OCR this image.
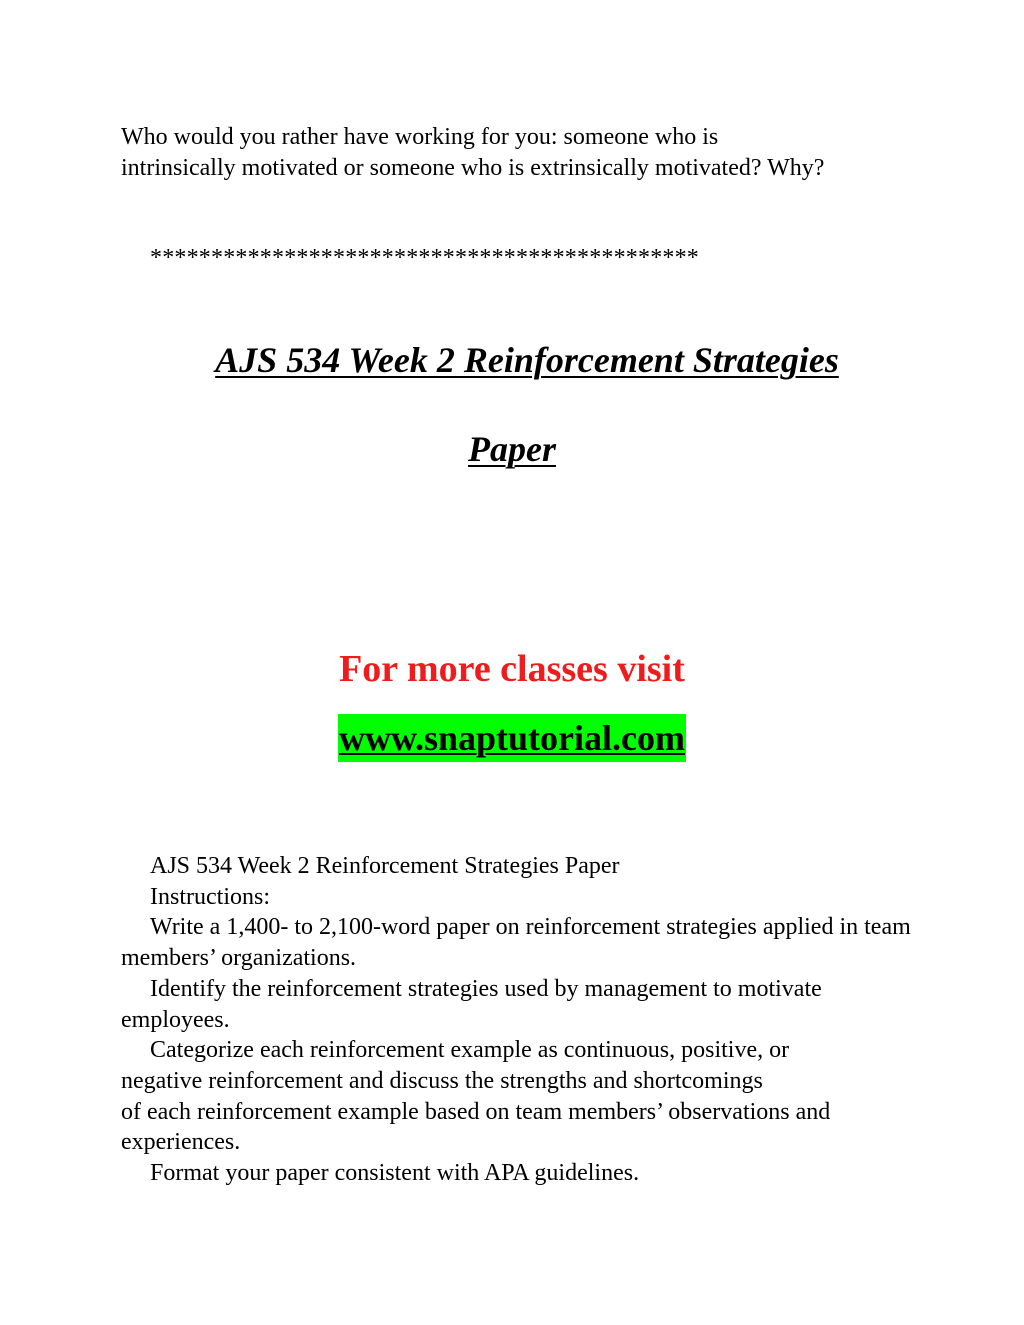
Who would you rather have working for you: someone who is
intrinsically motivated or someone who is extrinsically motivated? Why?
*********************************************
AJS 534 Week 2 Reinforcement Strategies
Paper
For more classes visit
www.snaptutorial.com

AJS 534 Week 2 Reinforcement Strategies Paper

Instructions:

Write a 1,400- to 2,100-word paper on reinforcement strategies applied in team members’ organizations.

Identify the reinforcement strategies used by management to motivate employees.

Categorize each reinforcement example as continuous, positive, or negative reinforcement and discuss the strengths and shortcomings

of each reinforcement example based on team members’ observations and experiences.

Format your paper consistent with APA guidelines.
